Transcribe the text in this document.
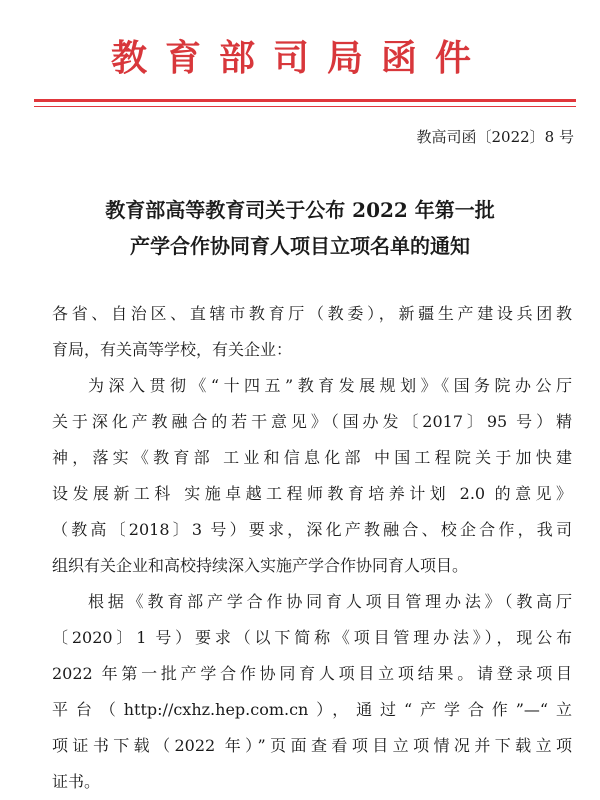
教育部司局函件
教高司函〔2022〕8 号
教育部高等教育司关于公布 2022 年第一批
产学合作协同育人项目立项名单的通知
各省、自治区、直辖市教育厅（教委），新疆生产建设兵团教
育局，有关高等学校，有关企业：
为深入贯彻《“十四五”教育发展规划》《国务院办公厅
关于深化产教融合的若干意见》（国办发〔2017〕95 号）精
神，落实《教育部 工业和信息化部 中国工程院关于加快建
设发展新工科 实施卓越工程师教育培养计划 2.0 的意见》
（教高〔2018〕3 号）要求，深化产教融合、校企合作，我司
组织有关企业和高校持续深入实施产学合作协同育人项目。
根据《教育部产学合作协同育人项目管理办法》（教高厅
〔2020〕1 号）要求（以下简称《项目管理办法》），现公布
2022 年第一批产学合作协同育人项目立项结果。请登录项目
平台（http://cxhz.hep.com.cn），通过“产学合作”—“立
项证书下载（2022 年）”页面查看项目立项情况并下载立项
证书。
